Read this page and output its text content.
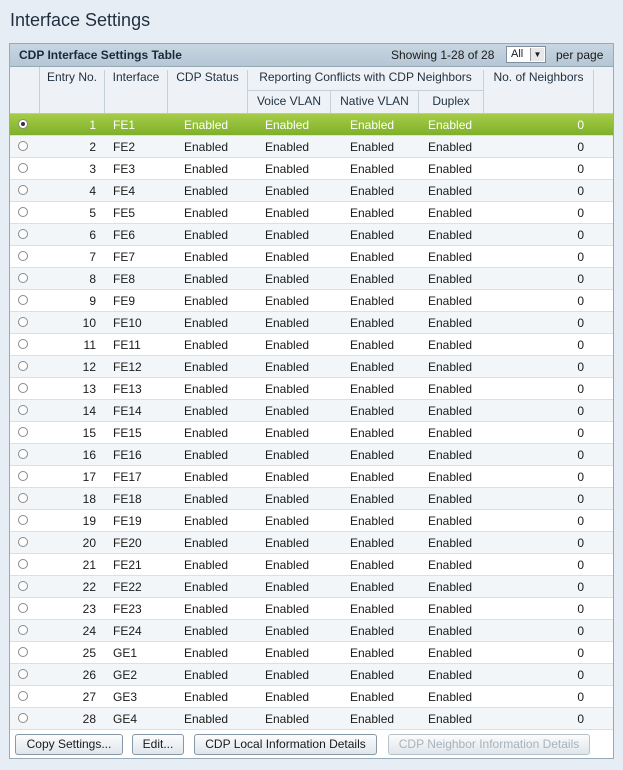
Interface Settings
CDP Interface Settings Table	Showing 1-28 of 28 All	▼ per page
Entry No.	Interface	CDP Status	Reporting Conflicts with CDP Neighbors
Voice VLAN	Native VLAN	Duplex
No. of Neighbors
1 FE1	Enabled	Enabled	Enabled	Enabled	0
2 FE2	Enabled	Enabled	Enabled	Enabled	0
3 FE3	Enabled	Enabled	Enabled	Enabled	0
4 FE4	Enabled	Enabled	Enabled	Enabled	0
5 FE5	Enabled	Enabled	Enabled	Enabled	0
6 FE6	Enabled	Enabled	Enabled	Enabled	0
7 FE7	Enabled	Enabled	Enabled	Enabled	0
8 FE8	Enabled	Enabled	Enabled	Enabled	0
9 FE9	Enabled	Enabled	Enabled	Enabled	0
10 FE10	Enabled	Enabled	Enabled	Enabled	0
11 FE11	Enabled	Enabled	Enabled	Enabled	0
12 FE12	Enabled	Enabled	Enabled	Enabled	0
13 FE13	Enabled	Enabled	Enabled	Enabled	0
14 FE14	Enabled	Enabled	Enabled	Enabled	0
15 FE15	Enabled	Enabled	Enabled	Enabled	0
16 FE16	Enabled	Enabled	Enabled	Enabled	0
17 FE17	Enabled	Enabled	Enabled	Enabled	0
18 FE18	Enabled	Enabled	Enabled	Enabled	0
19 FE19	Enabled	Enabled	Enabled	Enabled	0
20 FE20	Enabled	Enabled	Enabled	Enabled	0
21 FE21	Enabled	Enabled	Enabled	Enabled	0
22 FE22	Enabled	Enabled	Enabled	Enabled	0
23 FE23	Enabled	Enabled	Enabled	Enabled	0
24 FE24	Enabled	Enabled	Enabled	Enabled	0
25 GE1	Enabled	Enabled	Enabled	Enabled	0
26 GE2	Enabled	Enabled	Enabled	Enabled	0
27 GE3	Enabled	Enabled	Enabled	Enabled	0
28 GE4	Enabled	Enabled	Enabled	Enabled	0
Copy Settings...	Edit...	CDP Local Information Details	CDP Neighbor Information Details
